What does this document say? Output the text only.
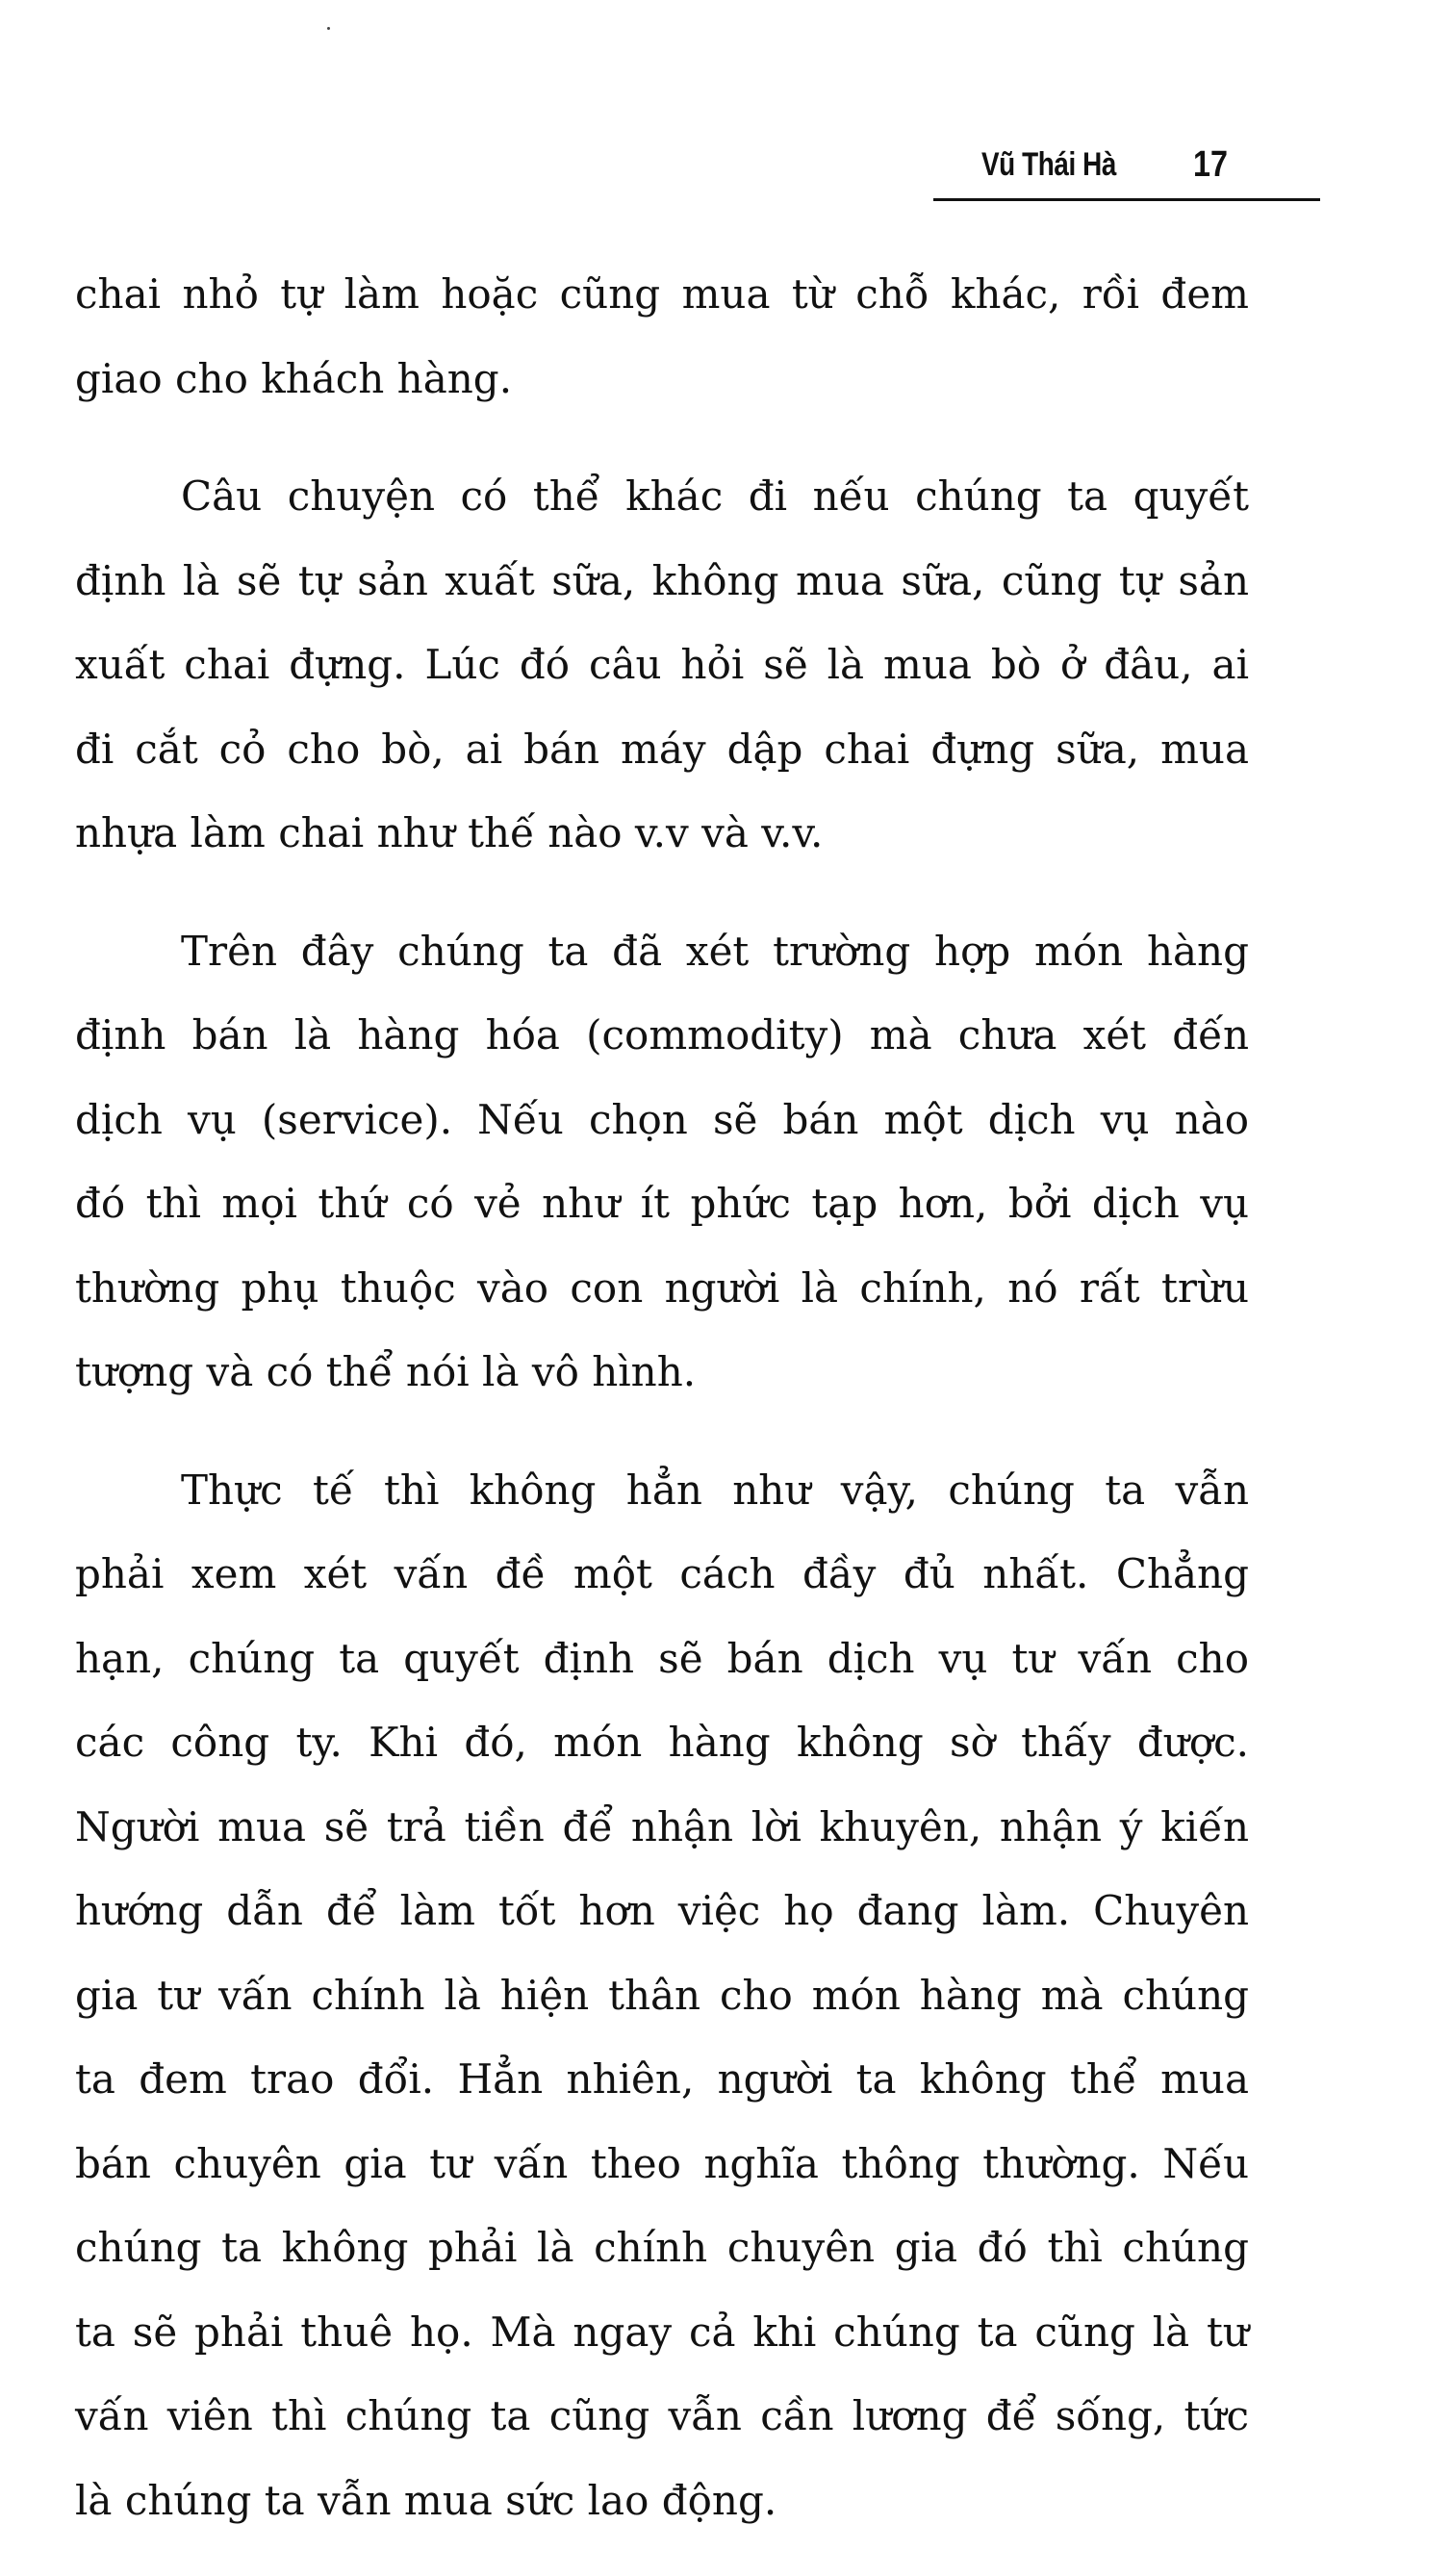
Vũ Thái Hà 17

chai nhỏ tự làm hoặc cũng mua từ chỗ khác, rồi đem
giao cho khách hàng.

Câu chuyện có thể khác đi nếu chúng ta quyết
định là sẽ tự sản xuất sữa, không mua sữa, cũng tự sản
xuất chai đựng. Lúc đó câu hỏi sẽ là mua bò ở đâu, ai
đi cắt cỏ cho bò, ai bán máy dập chai đựng sữa, mua
nhựa làm chai như thế nào v.v và v.v.

Trên đây chúng ta đã xét trường hợp món hàng
định bán là hàng hóa (commodity) mà chưa xét đến
dịch vụ (service). Nếu chọn sẽ bán một dịch vụ nào
đó thì mọi thứ có vẻ như ít phức tạp hơn, bởi dịch vụ
thường phụ thuộc vào con người là chính, nó rất trừu
tượng và có thể nói là vô hình.

Thực tế thì không hẳn như vậy, chúng ta vẫn
phải xem xét vấn đề một cách đầy đủ nhất. Chẳng
hạn, chúng ta quyết định sẽ bán dịch vụ tư vấn cho
các công ty. Khi đó, món hàng không sờ thấy được.
Người mua sẽ trả tiền để nhận lời khuyên, nhận ý kiến
hướng dẫn để làm tốt hơn việc họ đang làm. Chuyên
gia tư vấn chính là hiện thân cho món hàng mà chúng
ta đem trao đổi. Hẳn nhiên, người ta không thể mua
bán chuyên gia tư vấn theo nghĩa thông thường. Nếu
chúng ta không phải là chính chuyên gia đó thì chúng
ta sẽ phải thuê họ. Mà ngay cả khi chúng ta cũng là tư
vấn viên thì chúng ta cũng vẫn cần lương để sống, tức
là chúng ta vẫn mua sức lao động.
